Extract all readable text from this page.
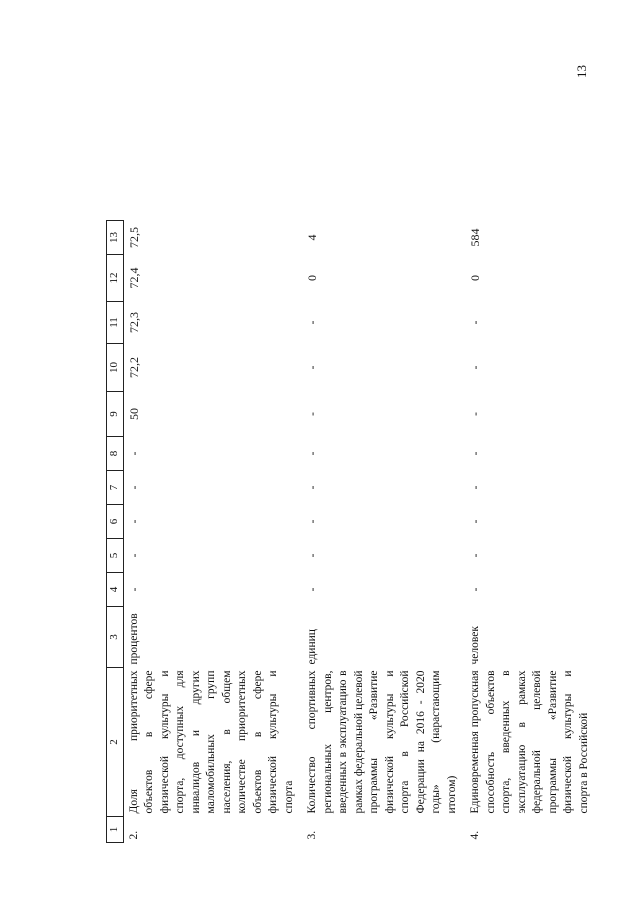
13
1	2	3	4	5	6	7	8	9	10	11	12	13
2.	Доля приоритетных объектов в сфере физической культуры и спорта, доступных для инвалидов и других маломобильных групп населения, в общем количестве приоритетных объектов в сфере физической культуры и спорта	процентов	-	-	-	-	-	50	72,2	72,3	72,4	72,5
3.	Количество спортивных региональных центров, введенных в эксплуатацию в рамках федеральной целевой программы «Развитие физической культуры и спорта в Российской Федерации на 2016 - 2020 годы» (нарастающим итогом)	единиц	-	-	-	-	-	-	-	-	0	4
4.	Единовременная пропускная способность объектов спорта, введенных в эксплуатацию в рамках федеральной целевой программы «Развитие физической культуры и спорта в Российской	человек	-	-	-	-	-	-	-	-	0	584
